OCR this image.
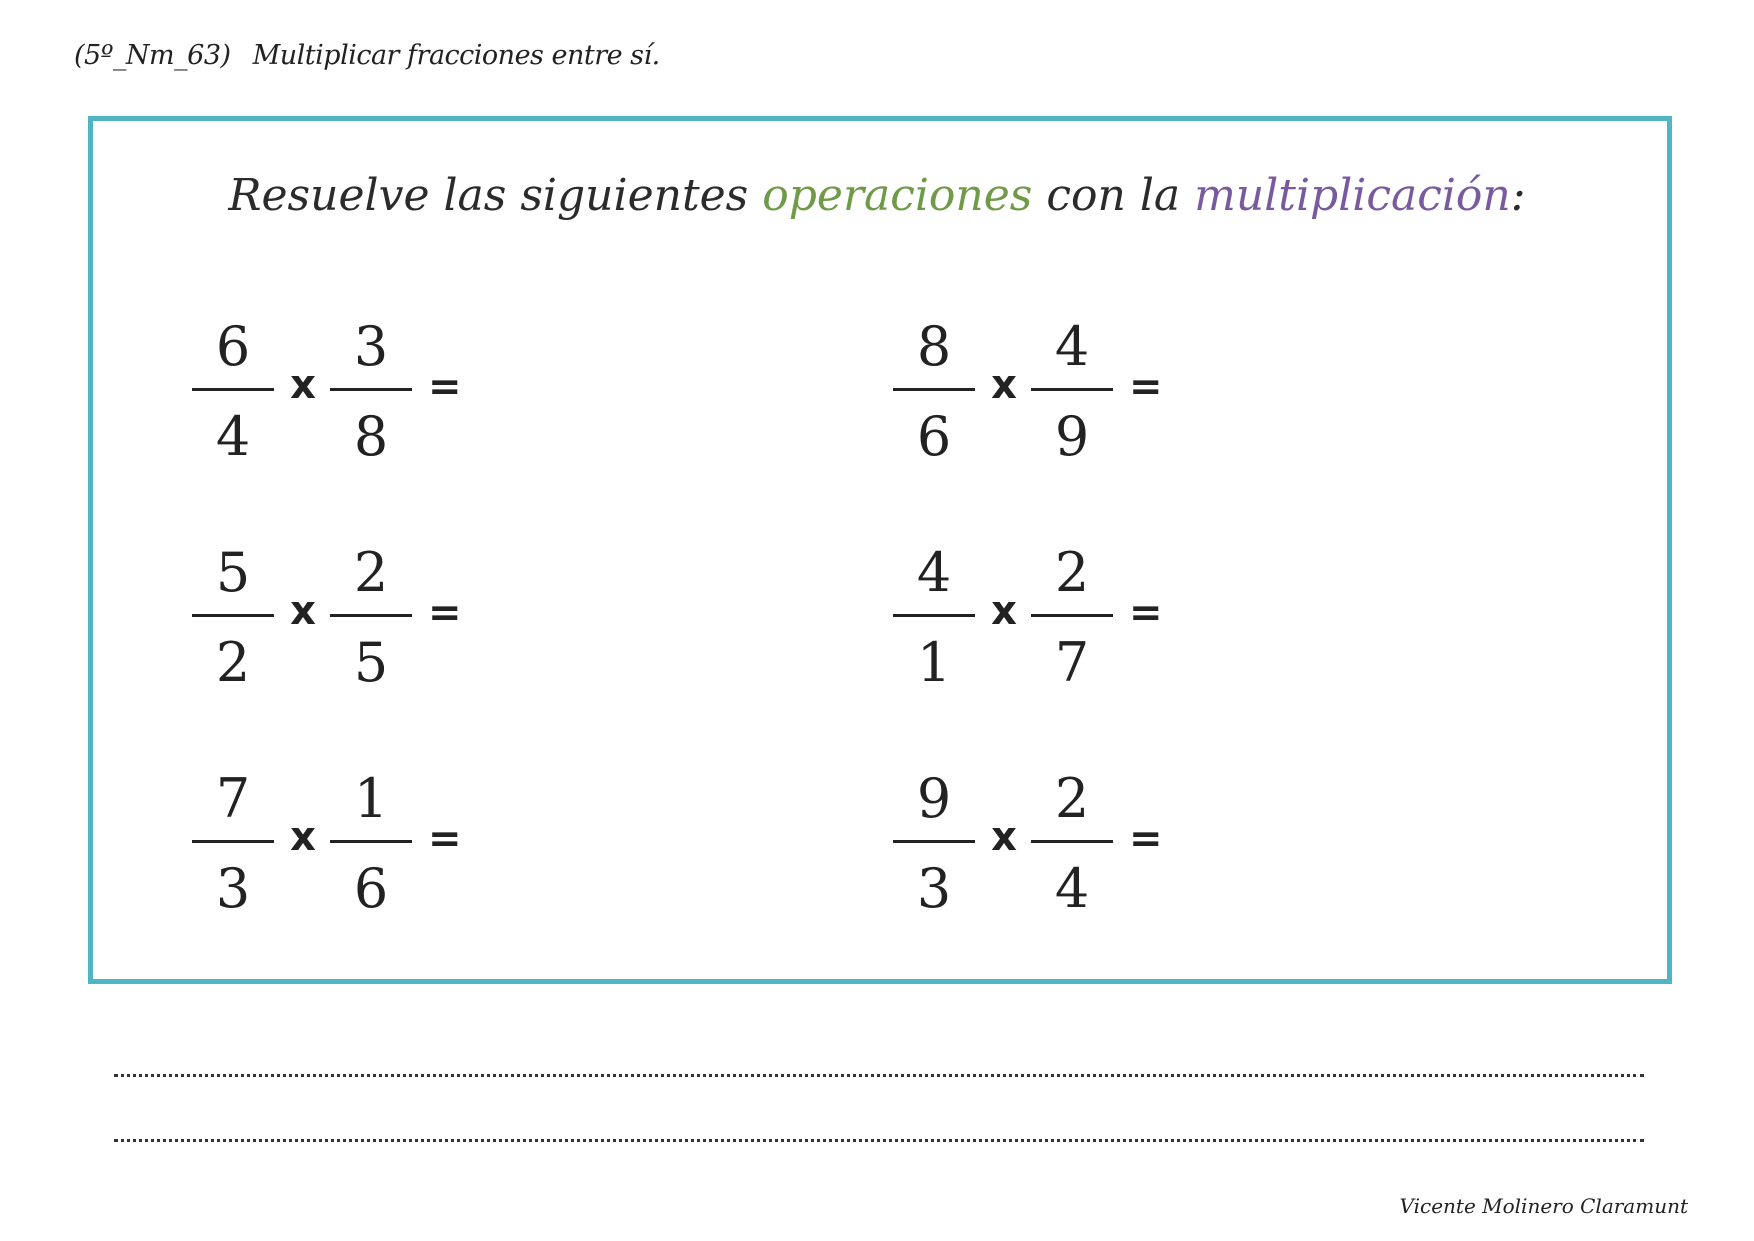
(5º_Nm_63) Multiplicar fracciones entre sí.
Resuelve las siguientes operaciones con la multiplicación:
6
4
x
3
8
=
8
6
x
4
9
=
5
2
x
2
5
=
4
1
x
2
7
=
7
3
x
1
6
=
9
3
x
2
4
=
Vicente Molinero Claramunt
